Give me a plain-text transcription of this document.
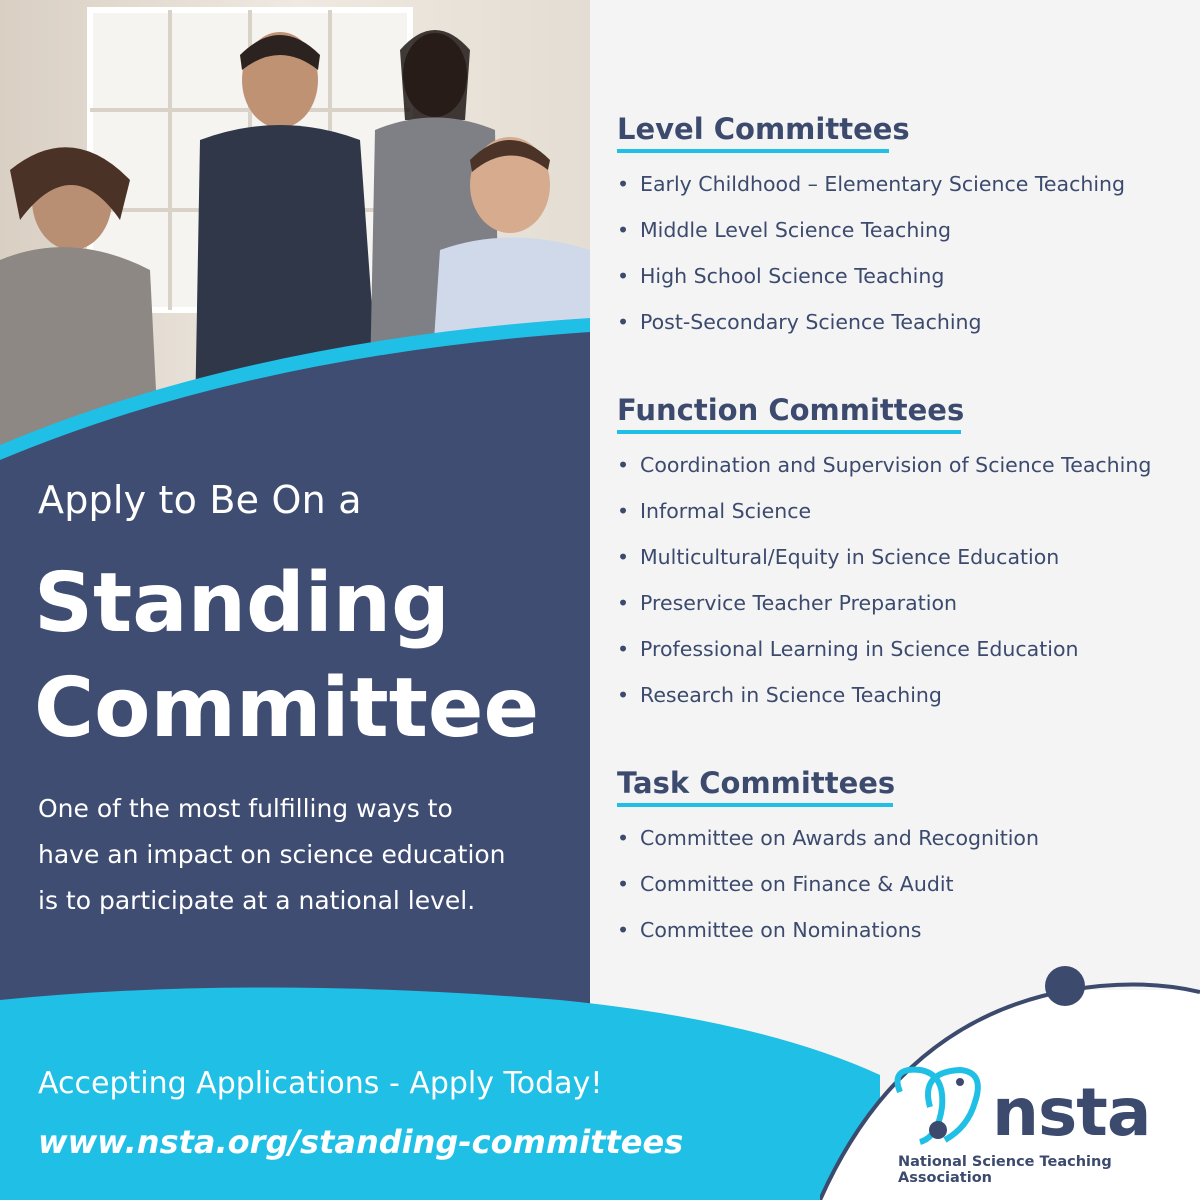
nsta
National Science Teaching Association
Apply to Be On a
Standing
Committee
One of the most fulfilling ways to
have an impact on science education
is to participate at a national level.
Accepting Applications - Apply Today!
www.nsta.org/standing-committees
Level Committees
• Early Childhood – Elementary Science Teaching
• Middle Level Science Teaching
• High School Science Teaching
• Post-Secondary Science Teaching
Function Committees
• Coordination and Supervision of Science Teaching
• Informal Science
• Multicultural/Equity in Science Education
• Preservice Teacher Preparation
• Professional Learning in Science Education
• Research in Science Teaching
Task Committees
• Committee on Awards and Recognition
• Committee on Finance & Audit
• Committee on Nominations
